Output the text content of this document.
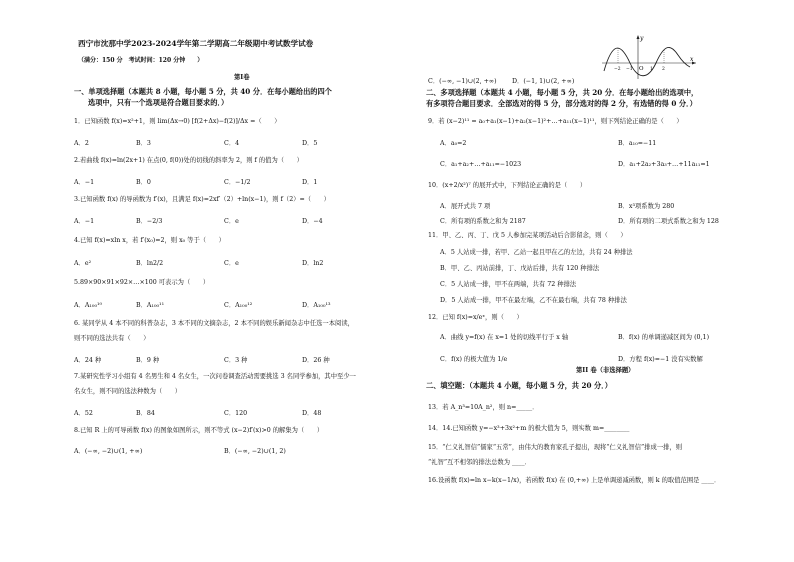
西宁市沈那中学2023-2024学年第二学期高二年级期中考试数学试卷
（满分：150 分　考试时间：120 分钟　　）
第Ⅰ卷
一、单项选择题（本题共 8 小题，每小题 5 分，共 40 分．在每小题给出的四个
选项中，只有一个选项是符合题目要求的．）
1．已知函数 f(x)=x²+1，则 lim(Δx→0) [f(2+Δx)−f(2)]/Δx =（　　）
A．2	B．3	C．4	D．5
2.若曲线 f(x)=ln(2x+1) 在点(0, f(0))处的切线的斜率为 2，则 f 的值为（　　）
A．−1	B．0	C．−1/2	D．1
3.已知函数 f(x) 的导函数为 f′(x)，且满足 f(x)=2xf′（2）+ln(x−1)，则 f（2）=（　　）
A．−1	B．−2/3	C．e	D．−4
4.已知 f(x)=xln x，若 f′(x₀)=2，则 x₀ 等于（　　）
A．e²	B．ln2/2	C．e	D．ln2
5.89×90×91×92×…×100 可表示为（　　）
A．A₁₀₀¹⁰	B．A₁₀₀¹¹	C．A₁₀₀¹²	D．A₁₀₀¹³
6. 某同学从 4 本不同的科普杂志，3 本不同的文摘杂志，2 本不同的娱乐新闻杂志中任选一本阅读，
则不同的选法共有（　　）
A．24 种	B．9 种	C．3 种	D．26 种
7.某研究性学习小组有 4 名男生和 4 名女生，一次问卷调查活动需要挑选 3 名同学参加，其中至少一
名女生，则不同的选法种数为（　　）
A．52	B．84	C．120	D．48
8.已知 R 上的可导函数 f(x) 的图象如图所示，则不等式 (x−2)f′(x)>0 的解集为（　　）
A．(−∞, −2)∪(1, +∞)	B．(−∞, −2)∪(1, 2)
y
x
O
−2 −1	1 2
C．(−∞, −1)∪(2, +∞) D．(−1, 1)∪(2, +∞)
二、多项选择题（本题共 4 小题，每小题 5 分，共 20 分．在每小题给出的选项中，
有多项符合题目要求．全部选对的得 5 分，部分选对的得 2 分，有选错的得 0 分．）
9．若 (x−2)¹¹ = a₀+a₁(x−1)+a₂(x−1)²+…+a₁₁(x−1)¹¹，则下列结论正确的是（　　）
A．a₀=2	B．a₁₀=−11
C．a₁+a₂+…+a₁₁=−1023	D．a₁+2a₂+3a₃+…+11a₁₁=1
10．(x+2/x²)⁷ 的展开式中，下列结论正确的是（　　）
A．展开式共 7 项	B．x³项系数为 280
C．所有项的系数之和为 2187	D．所有项的二项式系数之和为 128
11．甲、乙、丙、丁、戊 5 人参加完某项活动后合影留念，则（　　）
A．5 人站成一排，若甲、乙站一起且甲在乙的左边，共有 24 种排法
B．甲、乙、丙站前排，丁、戊站后排，共有 120 种排法
C．5 人站成一排，甲不在两端，共有 72 种排法
D．5 人站成一排，甲不在最左端，乙不在最右端，共有 78 种排法
12．已知 f(x)=x/eˣ，则（　　）
A．曲线 y=f(x) 在 x=1 处的切线平行于 x 轴	B．f(x) 的单调递减区间为 (0,1)
C．f(x) 的极大值为 1/e	D．方程 f(x)=−1 没有实数解
第II 卷（非选择题）
二、填空题：（本题共 4 小题，每小题 5 分，共 20 分．）
13．若 A_n³=10A_n²，则 n=_____．
14．14.已知函数 y=−x³+3x²+m 的极大值为 5，则实数 m=________
15．“仁义礼智信”儒家“五常”，由伟大的教育家孔子提出，现将“仁义礼智信”排成一排，则
“礼智”互不相邻的排法总数为 ____．
16.设函数 f(x)=ln x−k(x−1/x)，若函数 f(x) 在 (0,+∞) 上是单调递减函数，则 k 的取值范围是 ____．
